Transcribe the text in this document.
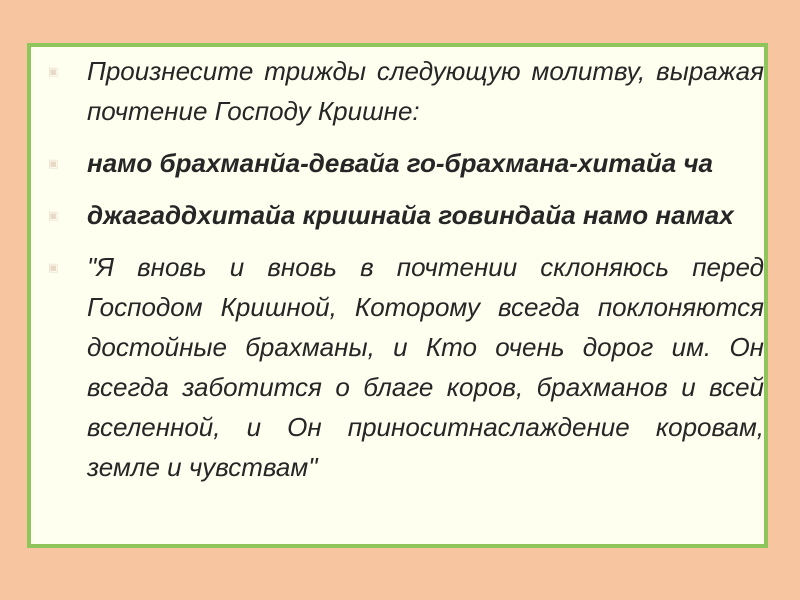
▣ Произнесите трижды следующую молитву, выражая почтение Господу Кришне:
▣ намо брахманйа-девайа го-брахмана-хитайа ча
▣ джагаддхитайа кришнайа говиндайа намо намах
▣ "Я вновь и вновь в почтении склоняюсь перед Господом Кришной, Которому всегда поклоняются достойные брахманы, и Кто очень дорог им. Он всегда заботится о благе коров, брахманов и всей вселенной, и Он приноситнаслаждение коровам, земле и чувствам"
